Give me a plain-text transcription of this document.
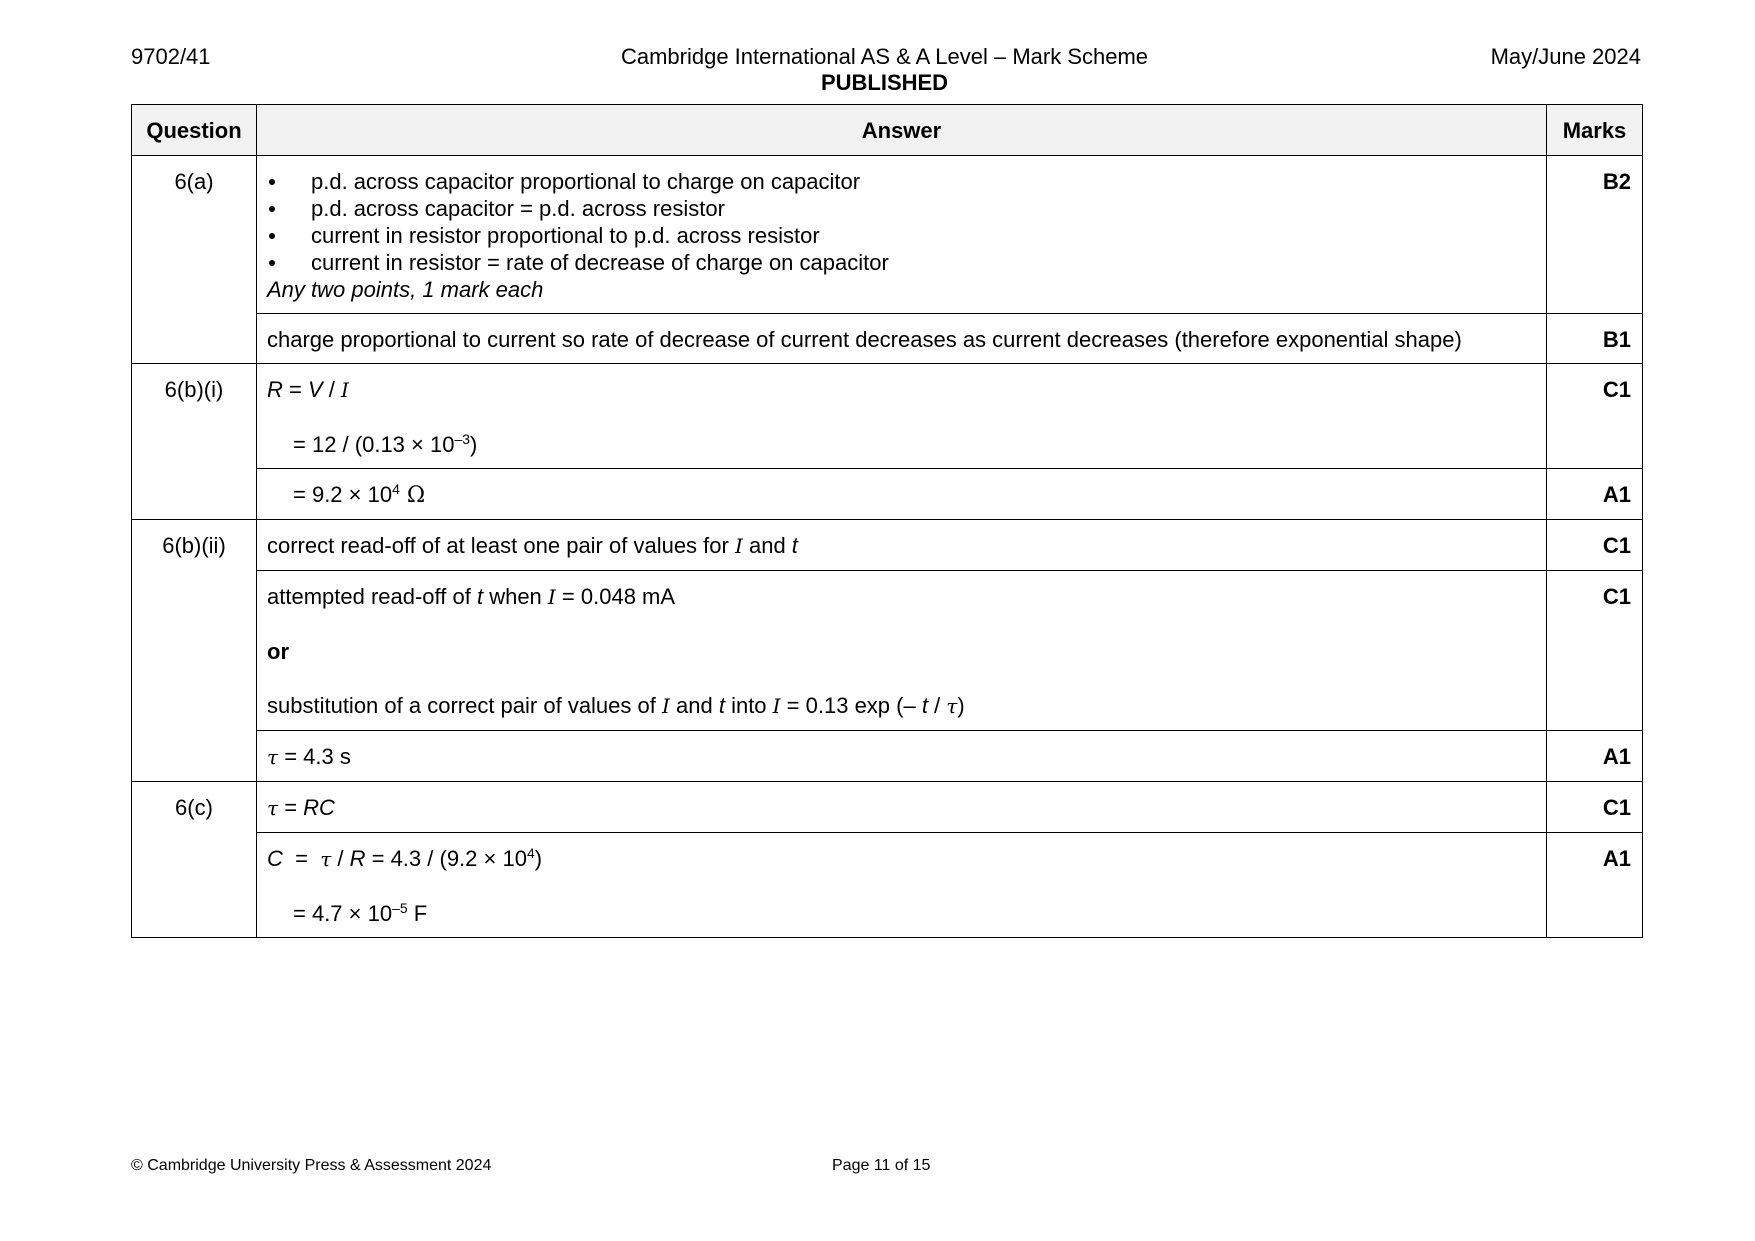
9702/41	Cambridge International AS & A Level – Mark Scheme
PUBLISHED
May/June 2024
Question	Answer	Marks
6(a)	p.d. across capacitor proportional to charge on capacitor
p.d. across capacitor = p.d. across resistor
current in resistor proportional to p.d. across resistor
current in resistor = rate of decrease of charge on capacitor
Any two points, 1 mark each	B2
	charge proportional to current so rate of decrease of current decreases as current decreases (therefore exponential shape)	B1
6(b)(i)	R = V / I
= $12 / (0.13 \times 10^{-3})$	C1

	= $9.2 \times 10^4$ Ω	A1
6(b)(ii)	correct read-off of at least one pair of values for I and t	C1

	attempted read-off of t when I = 0.048 mA
or
substitution of a correct pair of values of I and t into I = 0.13 exp (– t / τ)	C1
	τ = 4.3 s	A1
6(c)	τ = RC	C1

	$C = \tau / R = 4.3 / (9.2 \times 10^4)$
= $4.7 \times 10^{-5}$ F	A1
© Cambridge University Press & Assessment 2024	Page 11 of 15
